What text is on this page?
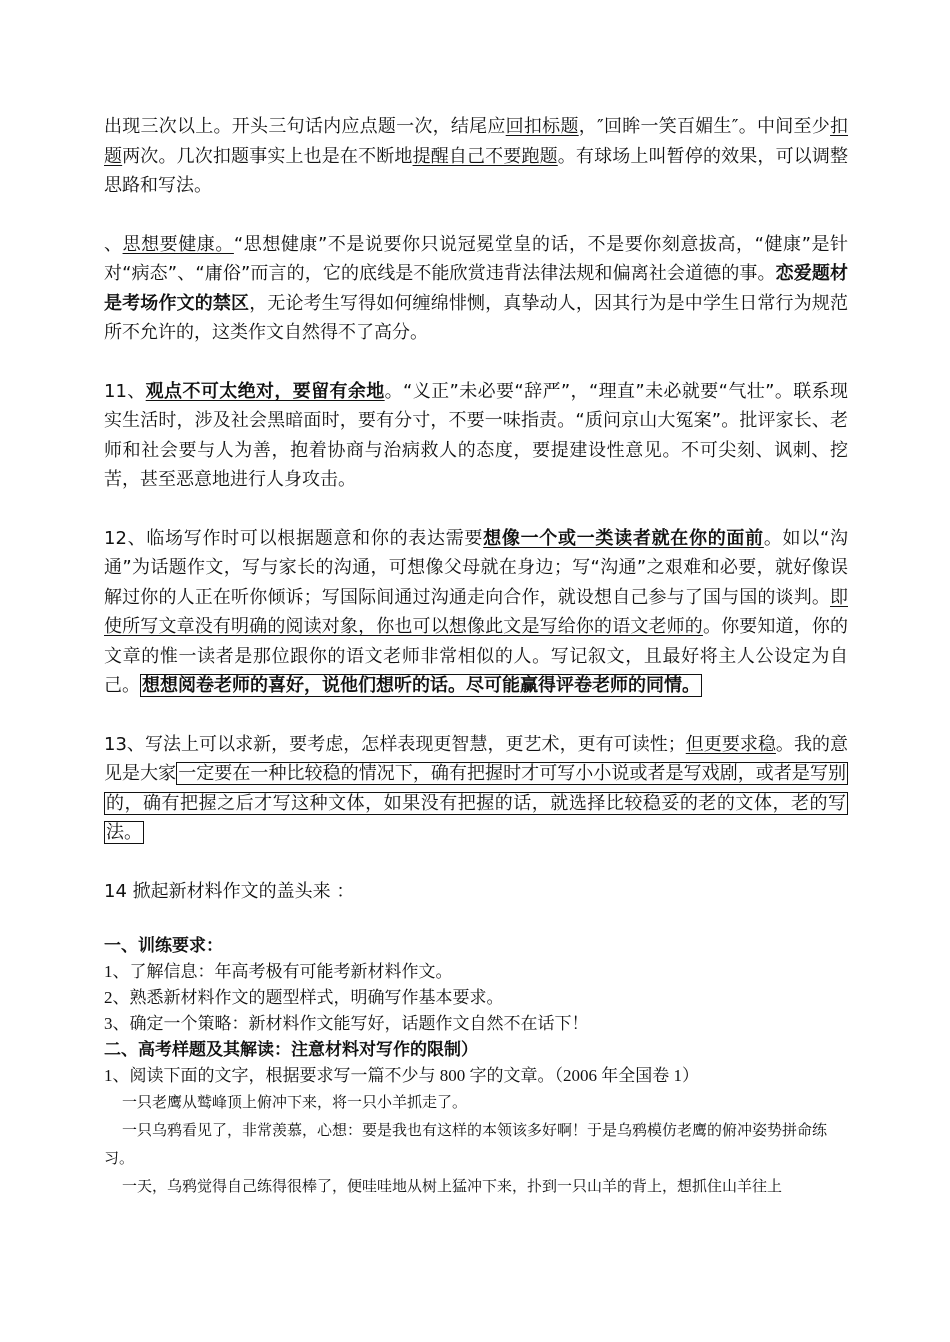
出现三次以上。开头三句话内应点题一次，结尾应回扣标题，″回眸一笑百媚生″。中间至少扣题两次。几次扣题事实上也是在不断地提醒自己不要跑题。有球场上叫暂停的效果，可以调整思路和写法。

、思想要健康。“思想健康”不是说要你只说冠冕堂皇的话，不是要你刻意拔高，“健康”是针对“病态”、“庸俗”而言的，它的底线是不能欣赏违背法律法规和偏离社会道德的事。恋爱题材是考场作文的禁区，无论考生写得如何缠绵悱恻，真挚动人，因其行为是中学生日常行为规范所不允许的，这类作文自然得不了高分。

11、观点不可太绝对，要留有余地。“义正”未必要“辞严”，“理直”未必就要“气壮”。联系现实生活时，涉及社会黑暗面时，要有分寸，不要一味指责。“质问京山大冤案”。批评家长、老师和社会要与人为善，抱着协商与治病救人的态度，要提建设性意见。不可尖刻、讽刺、挖苦，甚至恶意地进行人身攻击。

12、临场写作时可以根据题意和你的表达需要想像一个或一类读者就在你的面前。如以“沟通”为话题作文，写与家长的沟通，可想像父母就在身边；写“沟通”之艰难和必要，就好像误解过你的人正在听你倾诉；写国际间通过沟通走向合作，就设想自己参与了国与国的谈判。即使所写文章没有明确的阅读对象，你也可以想像此文是写给你的语文老师的。你要知道，你的文章的惟一读者是那位跟你的语文老师非常相似的人。写记叙文，且最好将主人公设定为自己。 想想阅卷老师的喜好，说他们想听的话。尽可能赢得评卷老师的同情。

13、写法上可以求新，要考虑，怎样表现更智慧，更艺术，更有可读性；但更要求稳。我的意见是大家 一定要在一种比较稳的情况下，确有把握时才可写小小说或者是写戏剧，或者是写别的，确有把握之后才写这种文体，如果没有把握的话，就选择比较稳妥的老的文体，老的写法。

14 掀起新材料作文的盖头来 ：

一、训练要求：

1、了解信息：年高考极有可能考新材料作文。

2、熟悉新材料作文的题型样式，明确写作基本要求。

3、确定一个策略：新材料作文能写好，话题作文自然不在话下！

二、高考样题及其解读：注意材料对写作的限制）

1、阅读下面的文字，根据要求写一篇不少与 800 字的文章。（2006 年全国卷 1）

一只老鹰从鹫峰顶上俯冲下来，将一只小羊抓走了。

一只乌鸦看见了，非常羡慕，心想：要是我也有这样的本领该多好啊！于是乌鸦模仿老鹰的俯冲姿势拼命练习。

一天，乌鸦觉得自己练得很棒了，便哇哇地从树上猛冲下来，扑到一只山羊的背上，想抓住山羊往上
